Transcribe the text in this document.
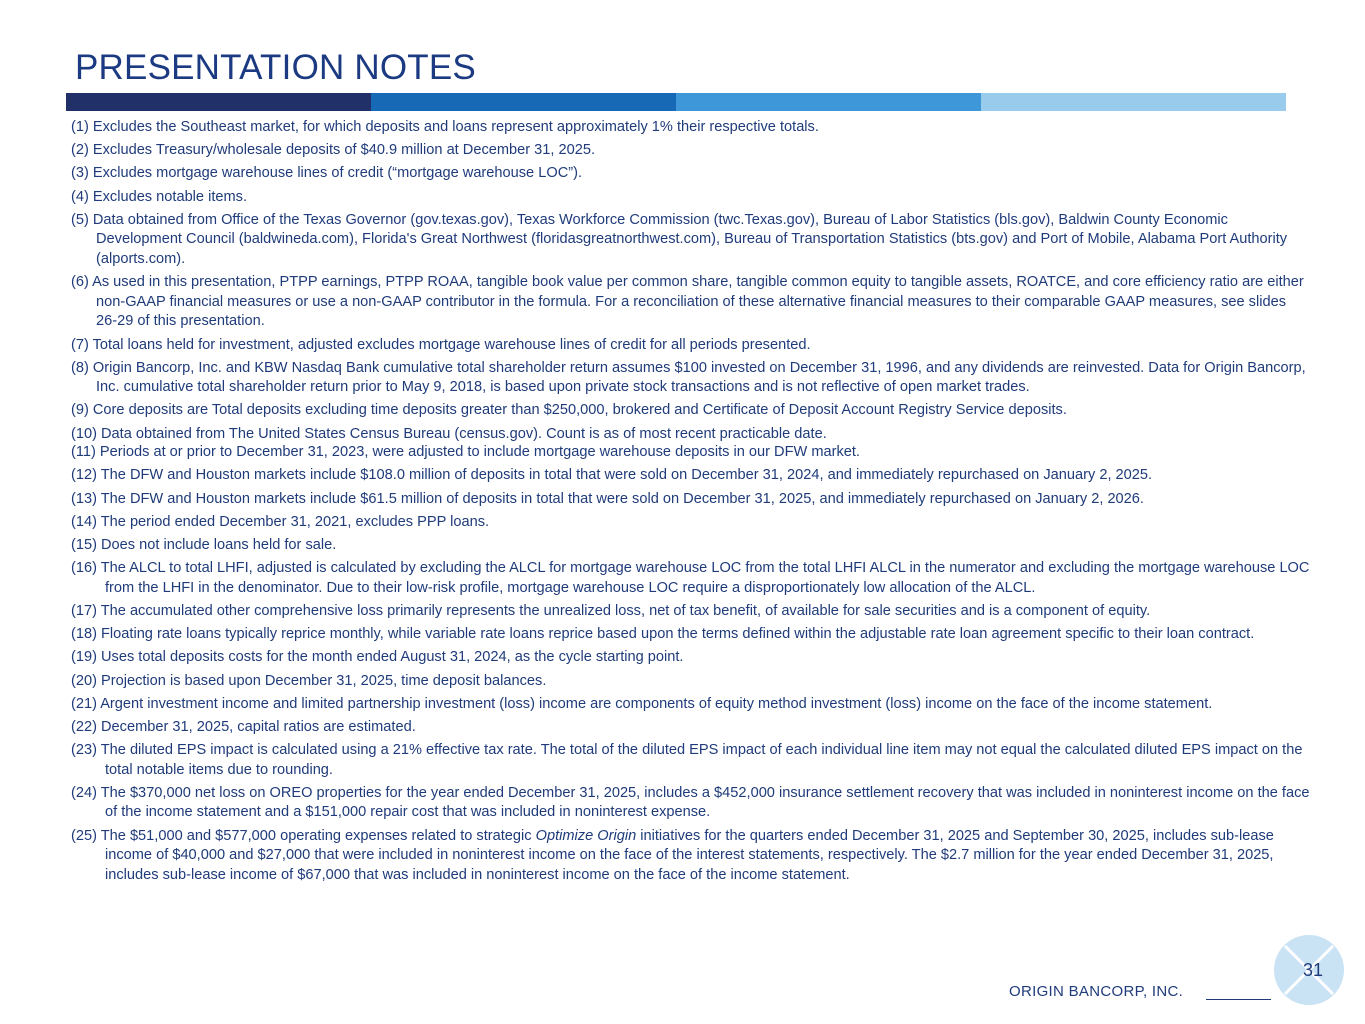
PRESENTATION NOTES
(1) Excludes the Southeast market, for which deposits and loans represent approximately 1% their respective totals.
(2) Excludes Treasury/wholesale deposits of $40.9 million at December 31, 2025.
(3) Excludes mortgage warehouse lines of credit (“mortgage warehouse LOC”).
(4) Excludes notable items.
(5) Data obtained from Office of the Texas Governor (gov.texas.gov), Texas Workforce Commission (twc.Texas.gov), Bureau of Labor Statistics (bls.gov), Baldwin County Economic Development Council (baldwineda.com), Florida's Great Northwest (floridasgreatnorthwest.com), Bureau of Transportation Statistics (bts.gov) and Port of Mobile, Alabama Port Authority (alports.com).
(6) As used in this presentation, PTPP earnings, PTPP ROAA, tangible book value per common share, tangible common equity to tangible assets, ROATCE, and core efficiency ratio are either non-GAAP financial measures or use a non-GAAP contributor in the formula. For a reconciliation of these alternative financial measures to their comparable GAAP measures, see slides 26-29 of this presentation.
(7) Total loans held for investment, adjusted excludes mortgage warehouse lines of credit for all periods presented.
(8) Origin Bancorp, Inc. and KBW Nasdaq Bank cumulative total shareholder return assumes $100 invested on December 31, 1996, and any dividends are reinvested. Data for Origin Bancorp, Inc. cumulative total shareholder return prior to May 9, 2018, is based upon private stock transactions and is not reflective of open market trades.
(9) Core deposits are Total deposits excluding time deposits greater than $250,000, brokered and Certificate of Deposit Account Registry Service deposits.
(10) Data obtained from The United States Census Bureau (census.gov). Count is as of most recent practicable date.
(11) Periods at or prior to December 31, 2023, were adjusted to include mortgage warehouse deposits in our DFW market.
(12) The DFW and Houston markets include $108.0 million of deposits in total that were sold on December 31, 2024, and immediately repurchased on January 2, 2025.
(13) The DFW and Houston markets include $61.5 million of deposits in total that were sold on December 31, 2025, and immediately repurchased on January 2, 2026.
(14) The period ended December 31, 2021, excludes PPP loans.
(15) Does not include loans held for sale.
(16) The ALCL to total LHFI, adjusted is calculated by excluding the ALCL for mortgage warehouse LOC from the total LHFI ALCL in the numerator and excluding the mortgage warehouse LOC from the LHFI in the denominator. Due to their low-risk profile, mortgage warehouse LOC require a disproportionately low allocation of the ALCL.
(17) The accumulated other comprehensive loss primarily represents the unrealized loss, net of tax benefit, of available for sale securities and is a component of equity.
(18) Floating rate loans typically reprice monthly, while variable rate loans reprice based upon the terms defined within the adjustable rate loan agreement specific to their loan contract.
(19) Uses total deposits costs for the month ended August 31, 2024, as the cycle starting point.
(20) Projection is based upon December 31, 2025, time deposit balances.
(21) Argent investment income and limited partnership investment (loss) income are components of equity method investment (loss) income on the face of the income statement.
(22) December 31, 2025, capital ratios are estimated.
(23) The diluted EPS impact is calculated using a 21% effective tax rate. The total of the diluted EPS impact of each individual line item may not equal the calculated diluted EPS impact on the total notable items due to rounding.
(24) The $370,000 net loss on OREO properties for the year ended December 31, 2025, includes a $452,000 insurance settlement recovery that was included in noninterest income on the face of the income statement and a $151,000 repair cost that was included in noninterest expense.
(25) The $51,000 and $577,000 operating expenses related to strategic Optimize Origin initiatives for the quarters ended December 31, 2025 and September 30, 2025, includes sub-lease income of $40,000 and $27,000 that were included in noninterest income on the face of the interest statements, respectively. The $2.7 million for the year ended December 31, 2025, includes sub-lease income of $67,000 that was included in noninterest income on the face of the income statement.
ORIGIN BANCORP, INC.
31
